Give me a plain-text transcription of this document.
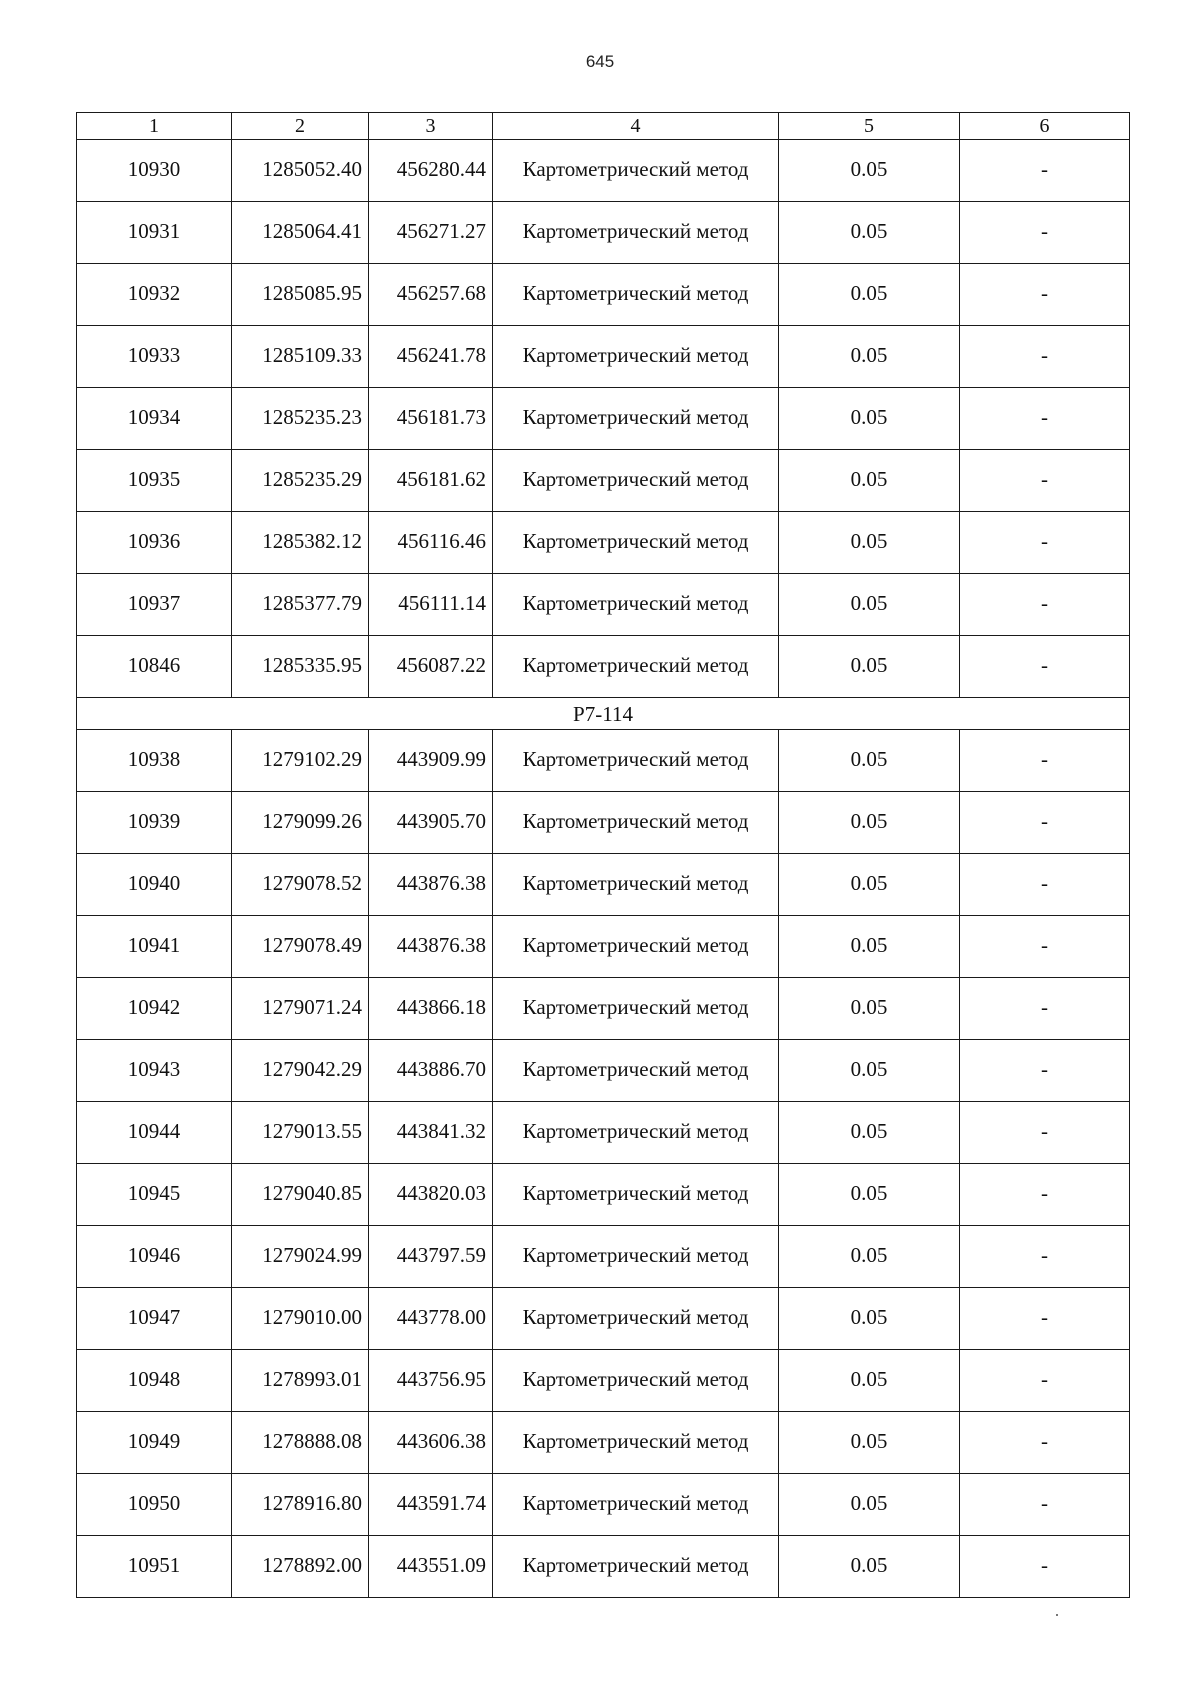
645
1	2	3	4	5	6
10930	1285052.40	456280.44	Картометрический метод	0.05	-
10931	1285064.41	456271.27	Картометрический метод	0.05	-
10932	1285085.95	456257.68	Картометрический метод	0.05	-
10933	1285109.33	456241.78	Картометрический метод	0.05	-
10934	1285235.23	456181.73	Картометрический метод	0.05	-
10935	1285235.29	456181.62	Картометрический метод	0.05	-
10936	1285382.12	456116.46	Картометрический метод	0.05	-
10937	1285377.79	456111.14	Картометрический метод	0.05	-
10846	1285335.95	456087.22	Картометрический метод	0.05	-
Р7-114					
10938	1279102.29	443909.99	Картометрический метод	0.05	-
10939	1279099.26	443905.70	Картометрический метод	0.05	-
10940	1279078.52	443876.38	Картометрический метод	0.05	-
10941	1279078.49	443876.38	Картометрический метод	0.05	-
10942	1279071.24	443866.18	Картометрический метод	0.05	-
10943	1279042.29	443886.70	Картометрический метод	0.05	-
10944	1279013.55	443841.32	Картометрический метод	0.05	-
10945	1279040.85	443820.03	Картометрический метод	0.05	-
10946	1279024.99	443797.59	Картометрический метод	0.05	-
10947	1279010.00	443778.00	Картометрический метод	0.05	-
10948	1278993.01	443756.95	Картометрический метод	0.05	-
10949	1278888.08	443606.38	Картометрический метод	0.05	-
10950	1278916.80	443591.74	Картометрический метод	0.05	-
10951	1278892.00	443551.09	Картометрический метод	0.05	-
